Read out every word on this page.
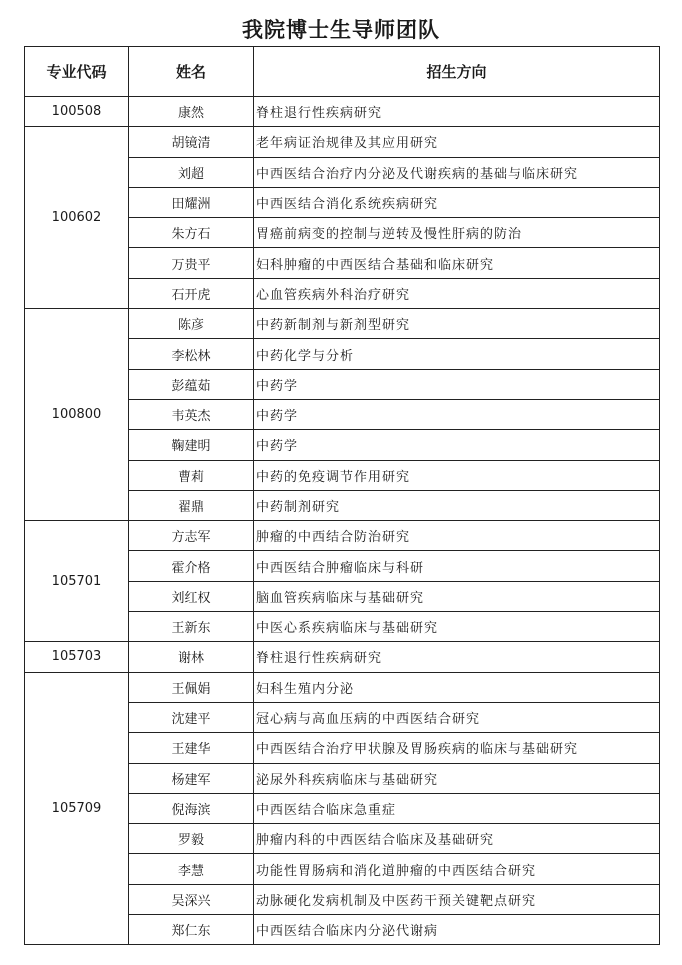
我院博士生导师团队
专业代码	姓名	招生方向
100508	康然	脊柱退行性疾病研究
100602	胡镜清	老年病证治规律及其应用研究
	刘超	中西医结合治疗内分泌及代谢疾病的基础与临床研究
	田耀洲	中西医结合消化系统疾病研究
	朱方石	胃癌前病变的控制与逆转及慢性肝病的防治
	万贵平	妇科肿瘤的中西医结合基础和临床研究
	石开虎	心血管疾病外科治疗研究
100800	陈彦	中药新制剂与新剂型研究
	李松林	中药化学与分析
	彭蕴茹	中药学
	韦英杰	中药学
	鞠建明	中药学
	曹莉	中药的免疫调节作用研究
	翟鼎	中药制剂研究
105701	方志军	肿瘤的中西结合防治研究
	霍介格	中西医结合肿瘤临床与科研
	刘红权	脑血管疾病临床与基础研究
	王新东	中医心系疾病临床与基础研究
105703	谢林	脊柱退行性疾病研究
105709	王佩娟	妇科生殖内分泌
	沈建平	冠心病与高血压病的中西医结合研究
	王建华	中西医结合治疗甲状腺及胃肠疾病的临床与基础研究
	杨建军	泌尿外科疾病临床与基础研究
	倪海滨	中西医结合临床急重症
	罗毅	肿瘤内科的中西医结合临床及基础研究
	李慧	功能性胃肠病和消化道肿瘤的中西医结合研究
	吴深兴	动脉硬化发病机制及中医药干预关键靶点研究
	郑仁东	中西医结合临床内分泌代谢病
